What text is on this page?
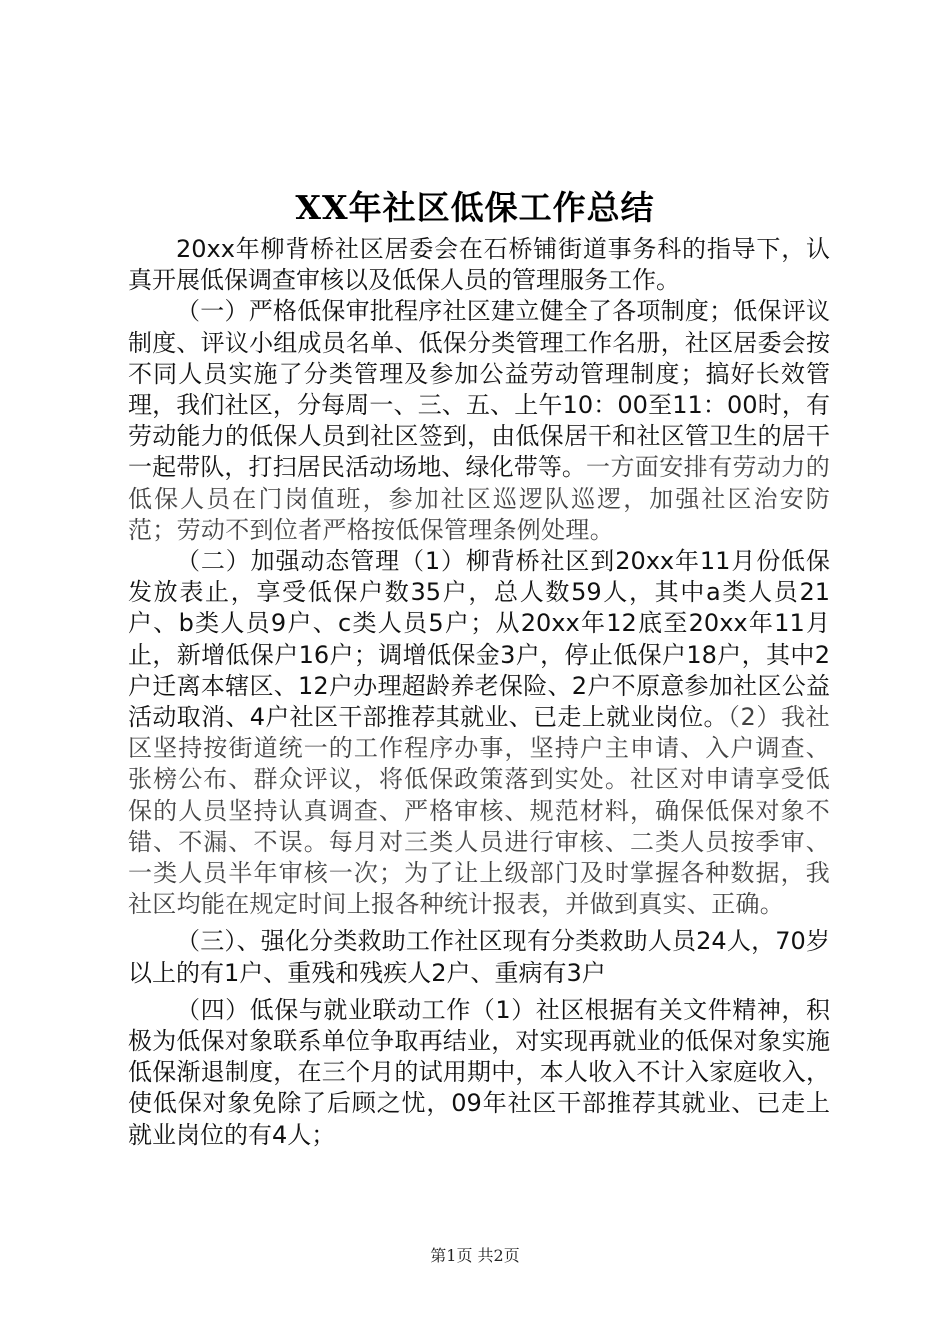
XX年社区低保工作总结

20xx年柳背桥社区居委会在石桥铺街道事务科的指导下，认真开展低保调查审核以及低保人员的管理服务工作。

（一）严格低保审批程序社区建立健全了各项制度；低保评议制度、评议小组成员名单、低保分类管理工作名册，社区居委会按不同人员实施了分类管理及参加公益劳动管理制度；搞好长效管理，我们社区，分每周一、三、五、上午10：00至11：00时，有劳动能力的低保人员到社区签到，由低保居干和社区管卫生的居干一起带队，打扫居民活动场地、绿化带等。一方面安排有劳动力的低保人员在门岗值班，参加社区巡逻队巡逻，加强社区治安防范；劳动不到位者严格按低保管理条例处理。

（二）加强动态管理（1）柳背桥社区到20xx年11月份低保发放表止，享受低保户数35户，总人数59人，其中a类人员21户、b类人员9户、c类人员5户；从20xx年12底至20xx年11月止，新增低保户16户；调增低保金3户，停止低保户18户，其中2户迁离本辖区、12户办理超龄养老保险、2户不原意参加社区公益活动取消、4户社区干部推荐其就业、已走上就业岗位。（2）我社区坚持按街道统一的工作程序办事，坚持户主申请、入户调查、张榜公布、群众评议，将低保政策落到实处。社区对申请享受低保的人员坚持认真调查、严格审核、规范材料，确保低保对象不错、不漏、不误。每月对三类人员进行审核、二类人员按季审、一类人员半年审核一次；为了让上级部门及时掌握各种数据，我社区均能在规定时间上报各种统计报表，并做到真实、正确。

（三）、强化分类救助工作社区现有分类救助人员24人，70岁以上的有1户、重残和残疾人2户、重病有3户

（四）低保与就业联动工作（1）社区根据有关文件精神，积极为低保对象联系单位争取再结业，对实现再就业的低保对象实施低保渐退制度，在三个月的试用期中，本人收入不计入家庭收入，使低保对象免除了后顾之忧，09年社区干部推荐其就业、已走上就业岗位的有4人；

第1页 共2页
